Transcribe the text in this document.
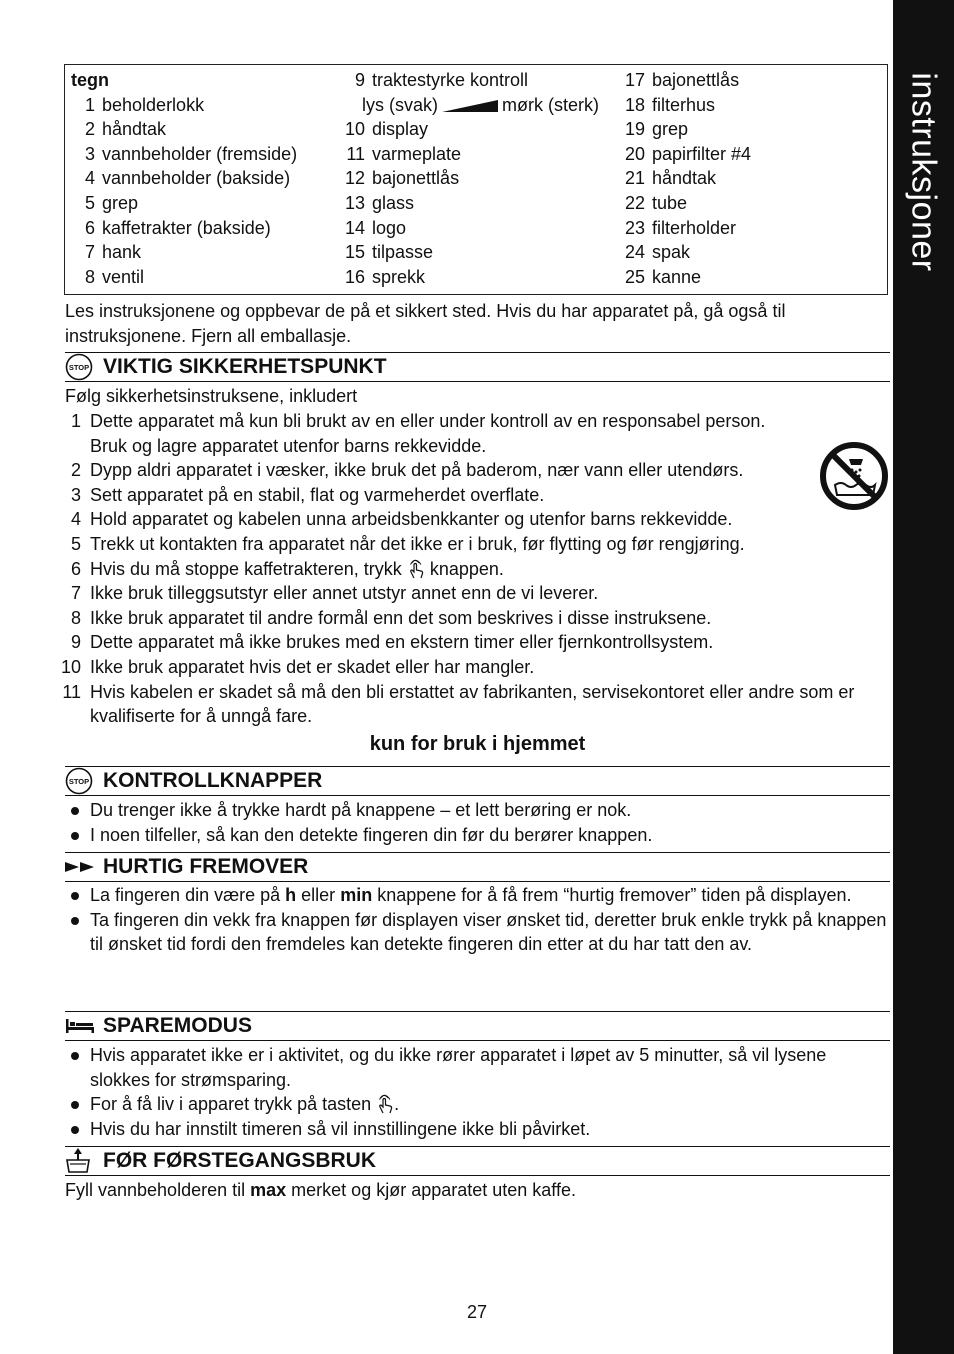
instruksjoner
tegn
1 beholderlokk
2 håndtak
3 vannbeholder (fremside)
4 vannbeholder (bakside)
5 grep
6 kaffetrakter (bakside)
7 hank
8 ventil
9 traktestyrke kontroll
lys (svak)	mørk (sterk)
10 display
11 varmeplate
12 bajonettlås
13 glass
14 logo
15 tilpasse
16 sprekk
17 bajonettlås
18 filterhus
19 grep
20 papirfilter #4
21 håndtak
22 tube
23 filterholder
24 spak
25 kanne
Les instruksjonene og oppbevar de på et sikkert sted. Hvis du har apparatet på, gå også til instruksjonene. Fjern all emballasje.
STOP VIKTIG SIKKERHETSPUNKT
Følg sikkerhetsinstruksene, inkludert
1 Dette apparatet må kun bli brukt av en eller under kontroll av en responsabel person. Bruk og lagre apparatet utenfor barns rekkevidde.
2 Dypp aldri apparatet i væsker, ikke bruk det på baderom, nær vann eller utendørs.
3 Sett apparatet på en stabil, flat og varmeherdet overflate.
4 Hold apparatet og kabelen unna arbeidsbenkkanter og utenfor barns rekkevidde.
5 Trekk ut kontakten fra apparatet når det ikke er i bruk, før flytting og før rengjøring.
6 Hvis du må stoppe kaffetrakteren, trykk knappen.
7 Ikke bruk tilleggsutstyr eller annet utstyr annet enn de vi leverer.
8 Ikke bruk apparatet til andre formål enn det som beskrives i disse instruksene.
9 Dette apparatet må ikke brukes med en ekstern timer eller fjernkontrollsystem.
10 Ikke bruk apparatet hvis det er skadet eller har mangler.
11 Hvis kabelen er skadet så må den bli erstattet av fabrikanten, servisekontoret eller andre som er kvalifiserte for å unngå fare.
kun for bruk i hjemmet
STOP KONTROLLKNAPPER
Du trenger ikke å trykke hardt på knappene – et lett berøring er nok.
I noen tilfeller, så kan den detekte fingeren din før du berører knappen.
HURTIG FREMOVER
La fingeren din være på h eller min knappene for å få frem “hurtig fremover” tiden på displayen.
Ta fingeren din vekk fra knappen før displayen viser ønsket tid, deretter bruk enkle trykk på knappen til ønsket tid fordi den fremdeles kan detekte fingeren din etter at du har tatt den av.
SPAREMODUS
Hvis apparatet ikke er i aktivitet, og du ikke rører apparatet i løpet av 5 minutter, så vil lysene slokkes for strømsparing.
For å få liv i apparet trykk på tasten .
Hvis du har innstilt timeren så vil innstillingene ikke bli påvirket.
FØR FØRSTEGANGSBRUK
Fyll vannbeholderen til max merket og kjør apparatet uten kaffe.
27
